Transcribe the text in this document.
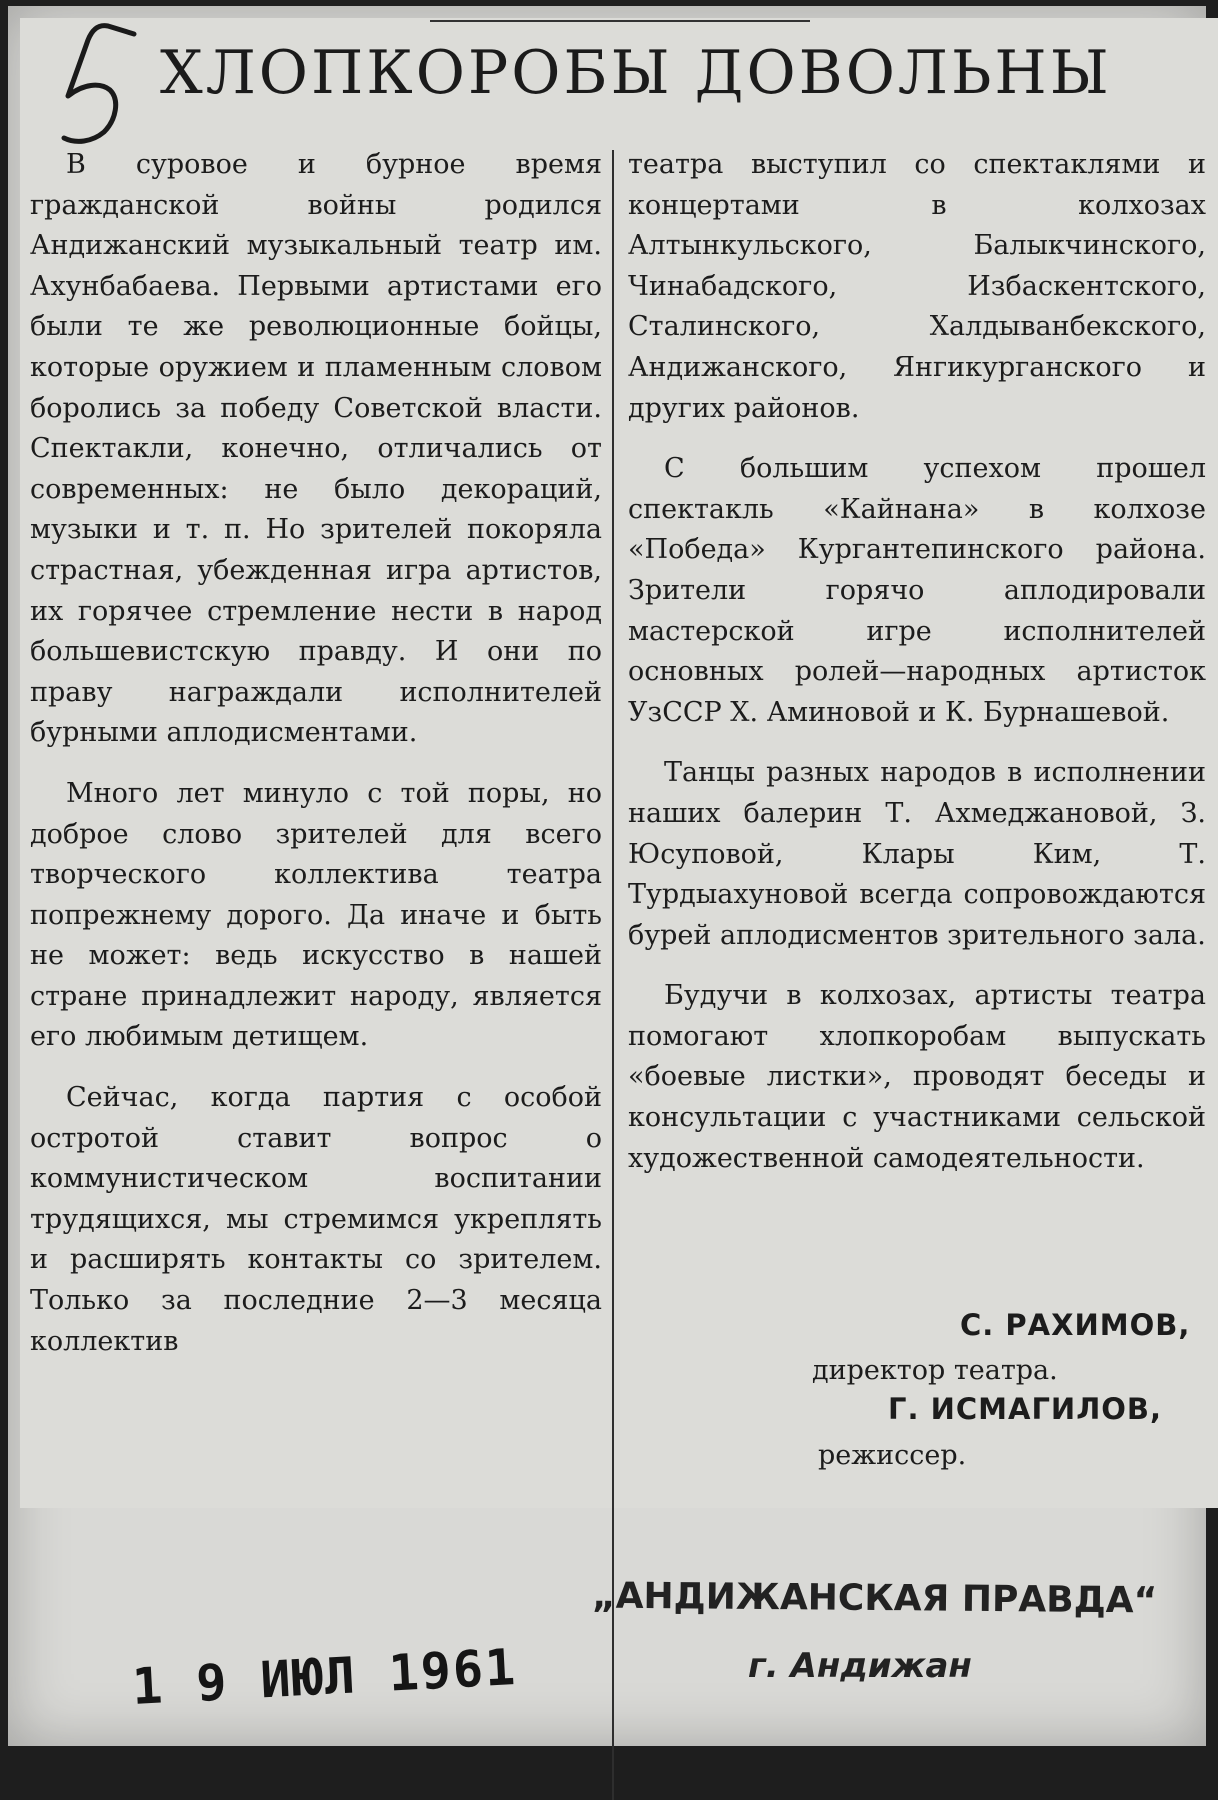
ХЛОПКОРОБЫ ДОВОЛЬНЫ

В суровое и бурное время гражданской войны родился Андижанский музыкальный театр им. Ахунбабаева. Первыми артистами его были те же революционные бойцы, которые оружием и пламенным словом боролись за победу Советской власти. Спектакли, конечно, отличались от современных: не было декораций, музыки и т. п. Но зрителей покоряла страстная, убежденная игра артистов, их горячее стремление нести в народ большевистскую правду. И они по праву награждали исполнителей бурными аплодисментами.

Много лет минуло с той поры, но доброе слово зрителей для всего творческого коллектива театра попрежнему дорого. Да иначе и быть не может: ведь искусство в нашей стране принадлежит народу, является его любимым детищем.

Сейчас, когда партия с особой остротой ставит вопрос о коммунистическом воспитании трудящихся, мы стремимся укреплять и расширять контакты со зрителем. Только за последние 2—3 месяца коллектив

театра выступил со спектаклями и концертами в колхозах Алтынкульского, Балыкчинского, Чинабадского, Избаскентского, Сталинского, Халдыванбекского, Андижанского, Янгикурганского и других районов.

С большим успехом прошел спектакль «Кайнана» в колхозе «Победа» Кургантепинского района. Зрители горячо аплодировали мастерской игре исполнителей основных ролей—народных артисток УзССР Х. Аминовой и К. Бурнашевой.

Танцы разных народов в исполнении наших балерин Т. Ахмеджановой, З. Юсуповой, Клары Ким, Т. Турдыахуновой всегда сопровождаются бурей аплодисментов зрительного зала.

Будучи в колхозах, артисты театра помогают хлопкоробам выпускать «боевые листки», проводят беседы и консультации с участниками сельской художественной самодеятельности.

С. РАХИМОВ,
директор театра.
Г. ИСМАГИЛОВ,
режиссер.
„АНДИЖАНСКАЯ ПРАВДА“
г. Андижан
1 9 ИЮЛ 1961
